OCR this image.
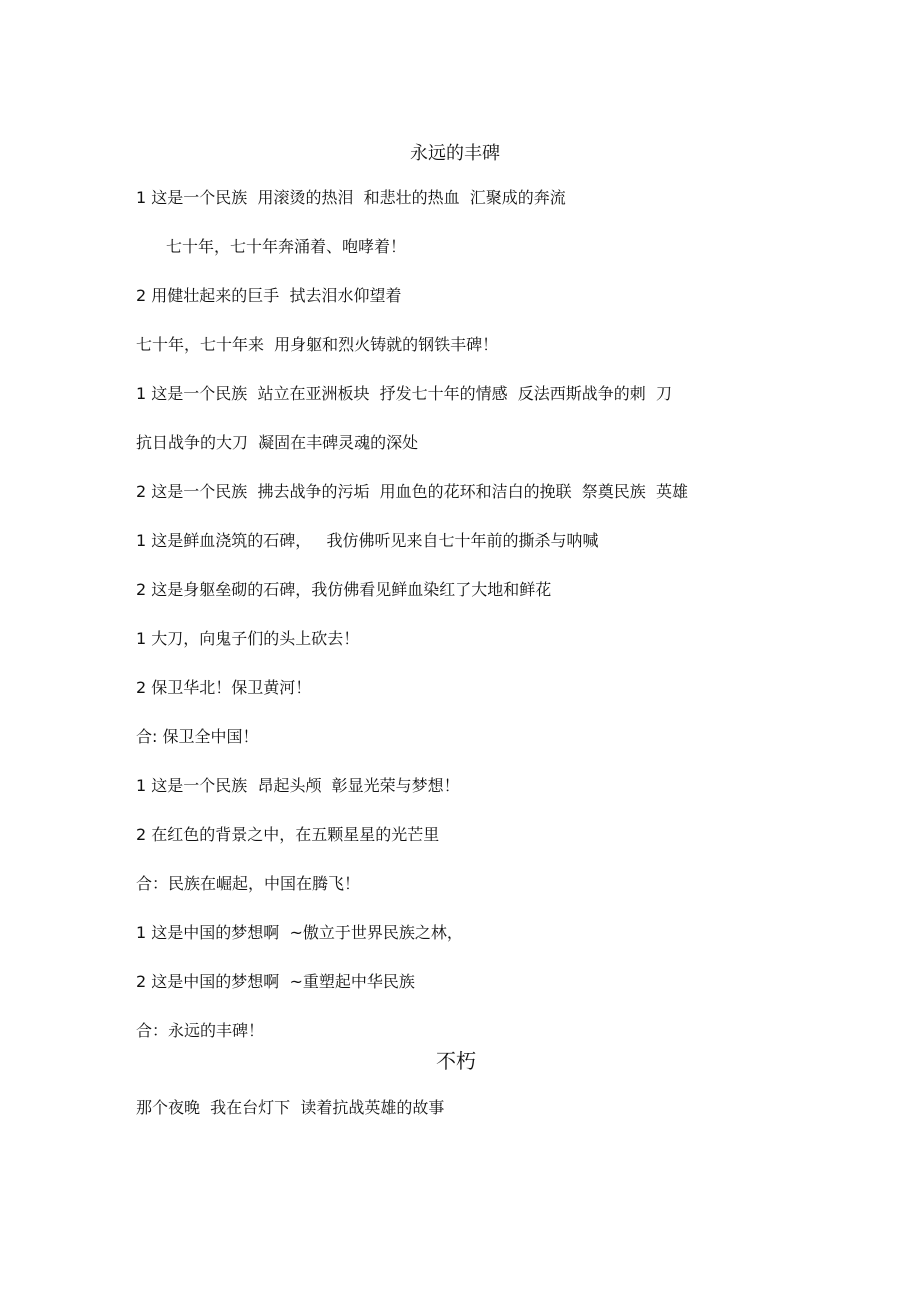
永远的丰碑

1 这是一个民族  用滚烫的热泪  和悲壮的热血  汇聚成的奔流

七十年，七十年奔涌着、咆哮着！

2 用健壮起来的巨手  拭去泪水仰望着

七十年，七十年来  用身躯和烈火铸就的钢铁丰碑！

1 这是一个民族  站立在亚洲板块  抒发七十年的情感  反法西斯战争的刺  刀

抗日战争的大刀  凝固在丰碑灵魂的深处

2 这是一个民族  拂去战争的污垢  用血色的花环和洁白的挽联  祭奠民族  英雄

1 这是鲜血浇筑的石碑，   我仿佛听见来自七十年前的撕杀与呐喊

2 这是身躯垒砌的石碑，我仿佛看见鲜血染红了大地和鲜花

1 大刀，向鬼子们的头上砍去！

2 保卫华北！保卫黄河！

合: 保卫全中国！

1 这是一个民族  昂起头颅  彰显光荣与梦想！

2 在红色的背景之中，在五颗星星的光芒里

合：民族在崛起，中国在腾飞！

1 这是中国的梦想啊  ~傲立于世界民族之林，

2 这是中国的梦想啊  ~重塑起中华民族

合：永远的丰碑！

不朽

那个夜晚  我在台灯下  读着抗战英雄的故事
